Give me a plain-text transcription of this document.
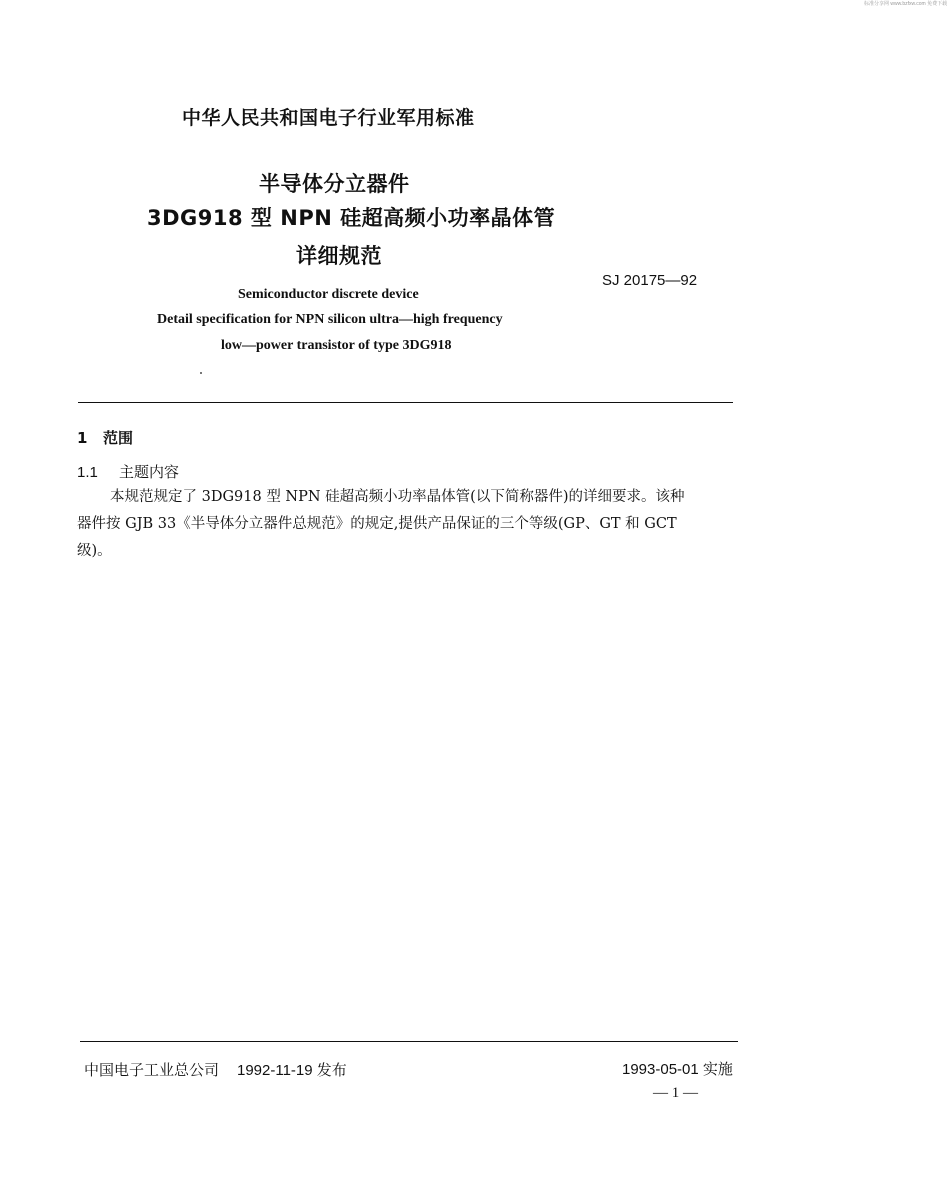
标准分享网 www.bzfxw.com 免费下载
中华人民共和国电子行业军用标准
半导体分立器件
3DG918 型 NPN 硅超高频小功率晶体管
详细规范
SJ 20175—92
Semiconductor discrete device
Detail specification for NPN silicon ultra—high frequency
low—power transistor of type 3DG918
1 范围
1.1 主题内容
本规范规定了 3DG918 型 NPN 硅超高频小功率晶体管(以下简称器件)的详细要求。该种
器件按 GJB 33《半导体分立器件总规范》的规定,提供产品保证的三个等级(GP、GT 和 GCT
级)。
中国电子工业总公司 1992-11-19 发布	1993-05-01 实施
— 1 —
